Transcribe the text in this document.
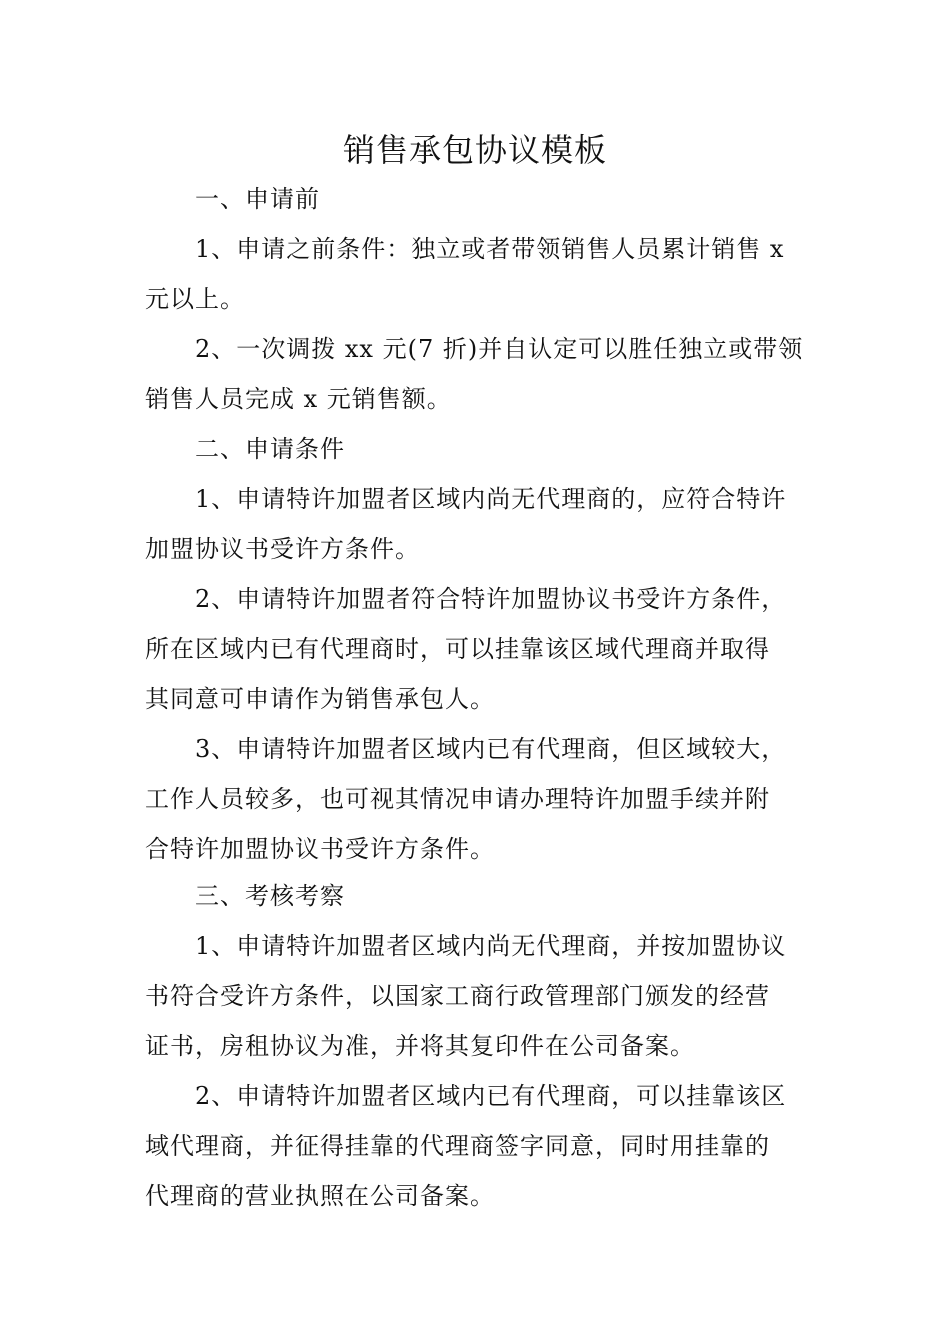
销售承包协议模板
一、申请前
1、申请之前条件：独立或者带领销售人员累计销售 x
元以上。
2、一次调拨 xx 元(7 折)并自认定可以胜任独立或带领
销售人员完成 x 元销售额。
二、申请条件
1、申请特许加盟者区域内尚无代理商的，应符合特许
加盟协议书受许方条件。
2、申请特许加盟者符合特许加盟协议书受许方条件，
所在区域内已有代理商时，可以挂靠该区域代理商并取得
其同意可申请作为销售承包人。
3、申请特许加盟者区域内已有代理商，但区域较大，
工作人员较多，也可视其情况申请办理特许加盟手续并附
合特许加盟协议书受许方条件。
三、考核考察
1、申请特许加盟者区域内尚无代理商，并按加盟协议
书符合受许方条件，以国家工商行政管理部门颁发的经营
证书，房租协议为准，并将其复印件在公司备案。
2、申请特许加盟者区域内已有代理商，可以挂靠该区
域代理商，并征得挂靠的代理商签字同意，同时用挂靠的
代理商的营业执照在公司备案。
